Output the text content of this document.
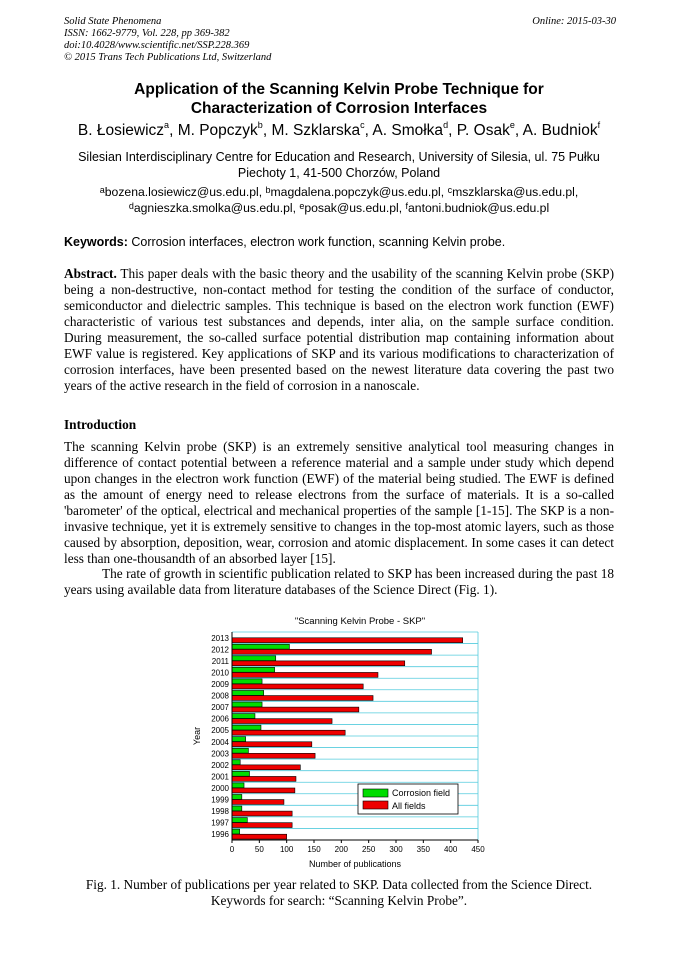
Solid State Phenomena
ISSN: 1662-9779, Vol. 228, pp 369-382
doi:10.4028/www.scientific.net/SSP.228.369
© 2015 Trans Tech Publications Ltd, Switzerland
Online: 2015-03-30
Application of the Scanning Kelvin Probe Technique for
Characterization of Corrosion Interfaces
B. Łosiewicz$^a$, M. Popczyk$^b$, M. Szklarska$^c$, A. Smołka$^d$, P. Osak$^e$, A. Budniok$^f$
Silesian Interdisciplinary Centre for Education and Research, University of Silesia, ul. 75 Pułku
Piechoty 1, 41-500 Chorzów, Poland
$^a$bozena.losiewicz@us.edu.pl, $^b$magdalena.popczyk@us.edu.pl, $^c$mszklarska@us.edu.pl,
$^d$agnieszka.smolka@us.edu.pl, $^e$posak@us.edu.pl, $^f$antoni.budniok@us.edu.pl
Keywords: Corrosion interfaces, electron work function, scanning Kelvin probe.
Abstract. This paper deals with the basic theory and the usability of the scanning Kelvin probe (SKP) being a non-destructive, non-contact method for testing the condition of the surface of conductor, semiconductor and dielectric samples. This technique is based on the electron work function (EWF) characteristic of various test substances and depends, inter alia, on the sample surface condition. During measurement, the so-called surface potential distribution map containing information about EWF value is registered. Key applications of SKP and its various modifications to characterization of corrosion interfaces, have been presented based on the newest literature data covering the past two years of the active research in the field of corrosion in a nanoscale.
Introduction
The scanning Kelvin probe (SKP) is an extremely sensitive analytical tool measuring changes in difference of contact potential between a reference material and a sample under study which depend upon changes in the electron work function (EWF) of the material being studied. The EWF is defined as the amount of energy need to release electrons from the surface of materials. It is a so-called 'barometer' of the optical, electrical and mechanical properties of the sample [1-15]. The SKP is a non-invasive technique, yet it is extremely sensitive to changes in the top-most atomic layers, such as those caused by absorption, deposition, wear, corrosion and atomic displacement. In some cases it can detect less than one-thousandth of an absorbed layer [15].
The rate of growth in scientific publication related to SKP has been increased during the past 18 years using available data from literature databases of the Science Direct (Fig. 1).
"Scanning Kelvin Probe - SKP"
1996
1997
1998
1999
2000
2001
2002
2003
2004
2005
2006
2007
2008
2009
2010
2011
2012
2013
0	50 100 150 200 250 300 350 400 450
Number of publications
Year
Corrosion field
All fields
Fig. 1. Number of publications per year related to SKP. Data collected from the Science Direct.
Keywords for search: “Scanning Kelvin Probe”.
